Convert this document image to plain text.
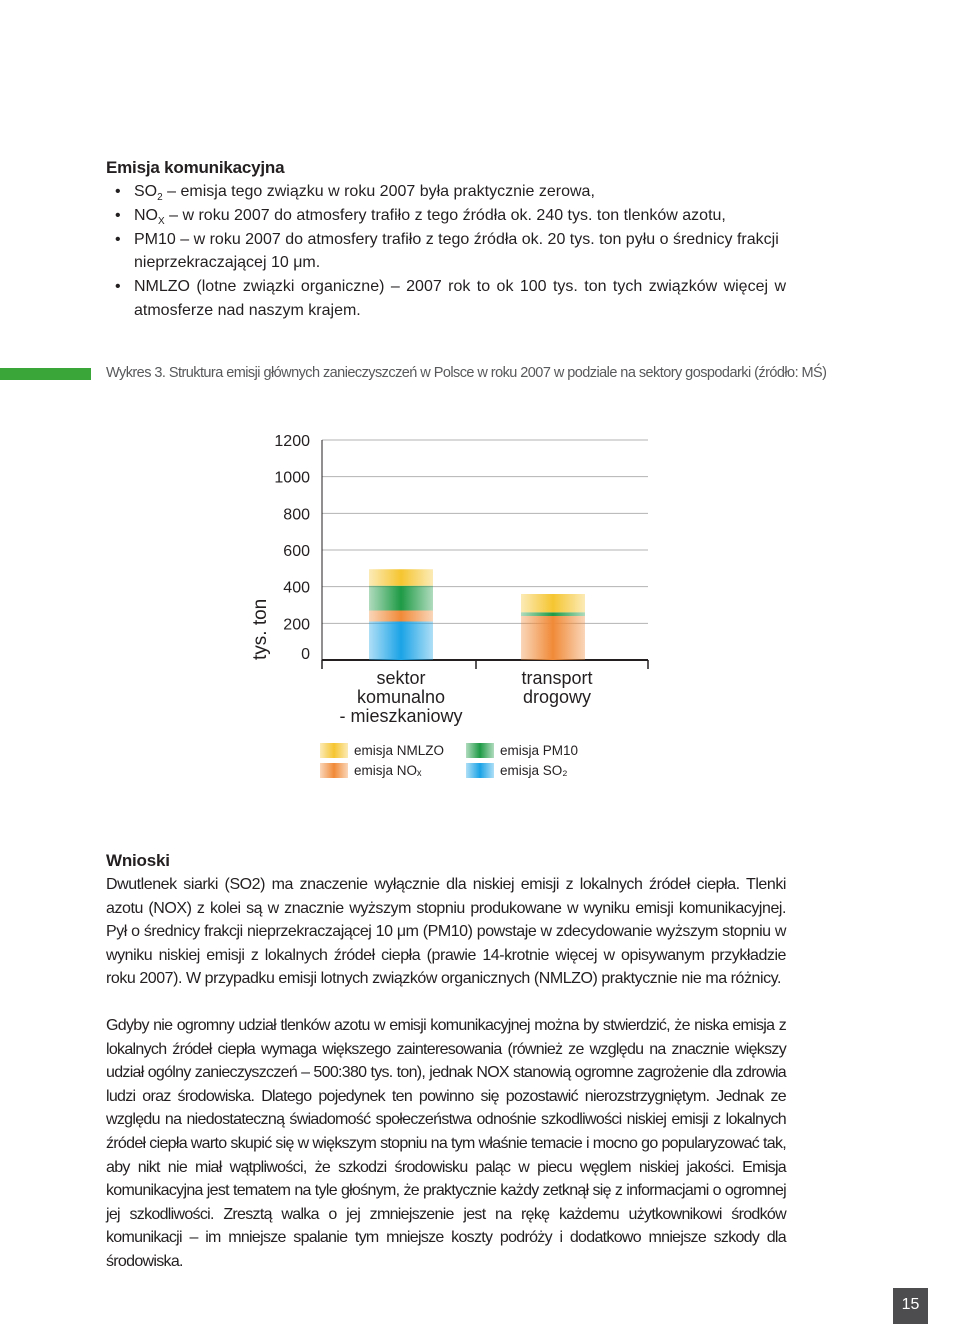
Emisja komunikacyjna
• $SO_2$ – emisja tego związku w roku 2007 była praktycznie zerowa,
• $NO_X$ – w roku 2007 do atmosfery trafiło z tego źródła ok. 240 tys. ton tlenków azotu,
• PM10 – w roku 2007 do atmosfery trafiło z tego źródła ok. 20 tys. ton pyłu o średnicy frakcji nieprzekraczającej 10 μm.
• NMLZO (lotne związki organiczne) – 2007 rok to ok 100 tys. ton tych związków więcej w atmosferze nad naszym krajem.
Wykres 3. Struktura emisji głównych zanieczyszczeń w Polsce w roku 2007 w podziale na sektory gospodarki (źródło: MŚ)
0
200
400
600
800
1000
1200
tys. ton
sektor komunalno - mieszkaniowy
transport drogowy
emisja NMLZO	emisja PM10
emisja NOₓ	emisja SO₂
Wnioski

Dwutlenek siarki (SO2) ma znaczenie wyłącznie dla niskiej emisji z lokalnych źródeł ciepła. Tlenki azotu (NOX) z kolei są w znacznie wyższym stopniu produkowane w wyniku emisji komunikacyjnej. Pył o średnicy frakcji nieprzekraczającej 10 μm (PM10) powstaje w zdecydowanie wyższym stopniu w wyniku niskiej emisji z lokalnych źródeł ciepła (prawie 14-krotnie więcej w opisywanym przykładzie roku 2007). W przypadku emisji lotnych związków organicznych (NMLZO) praktycznie nie ma różnicy.

Gdyby nie ogromny udział tlenków azotu w emisji komunikacyjnej można by stwierdzić, że niska emisja z lokalnych źródeł ciepła wymaga większego zainteresowania (również ze względu na znacznie większy udział ogólny zanieczyszczeń – 500:380 tys. ton), jednak NOX stanowią ogromne zagrożenie dla zdrowia ludzi oraz środowiska. Dlatego pojedynek ten powinno się pozostawić nierozstrzygniętym. Jednak ze względu na niedostateczną świadomość społeczeństwa odnośnie szkodliwości niskiej emisji z lokalnych źródeł ciepła warto skupić się w większym stopniu na tym właśnie temacie i mocno go popularyzować tak, aby nikt nie miał wątpliwości, że szkodzi środowisku paląc w piecu węglem niskiej jakości. Emisja komunikacyjna jest tematem na tyle głośnym, że praktycznie każdy zetknął się z informacjami o ogromnej jej szkodliwości. Zresztą walka o jej zmniejszenie jest na rękę każdemu użytkownikowi środków komunikacji – im mniejsze spalanie tym mniejsze koszty podróży i dodatkowo mniejsze szkody dla środowiska.

15
